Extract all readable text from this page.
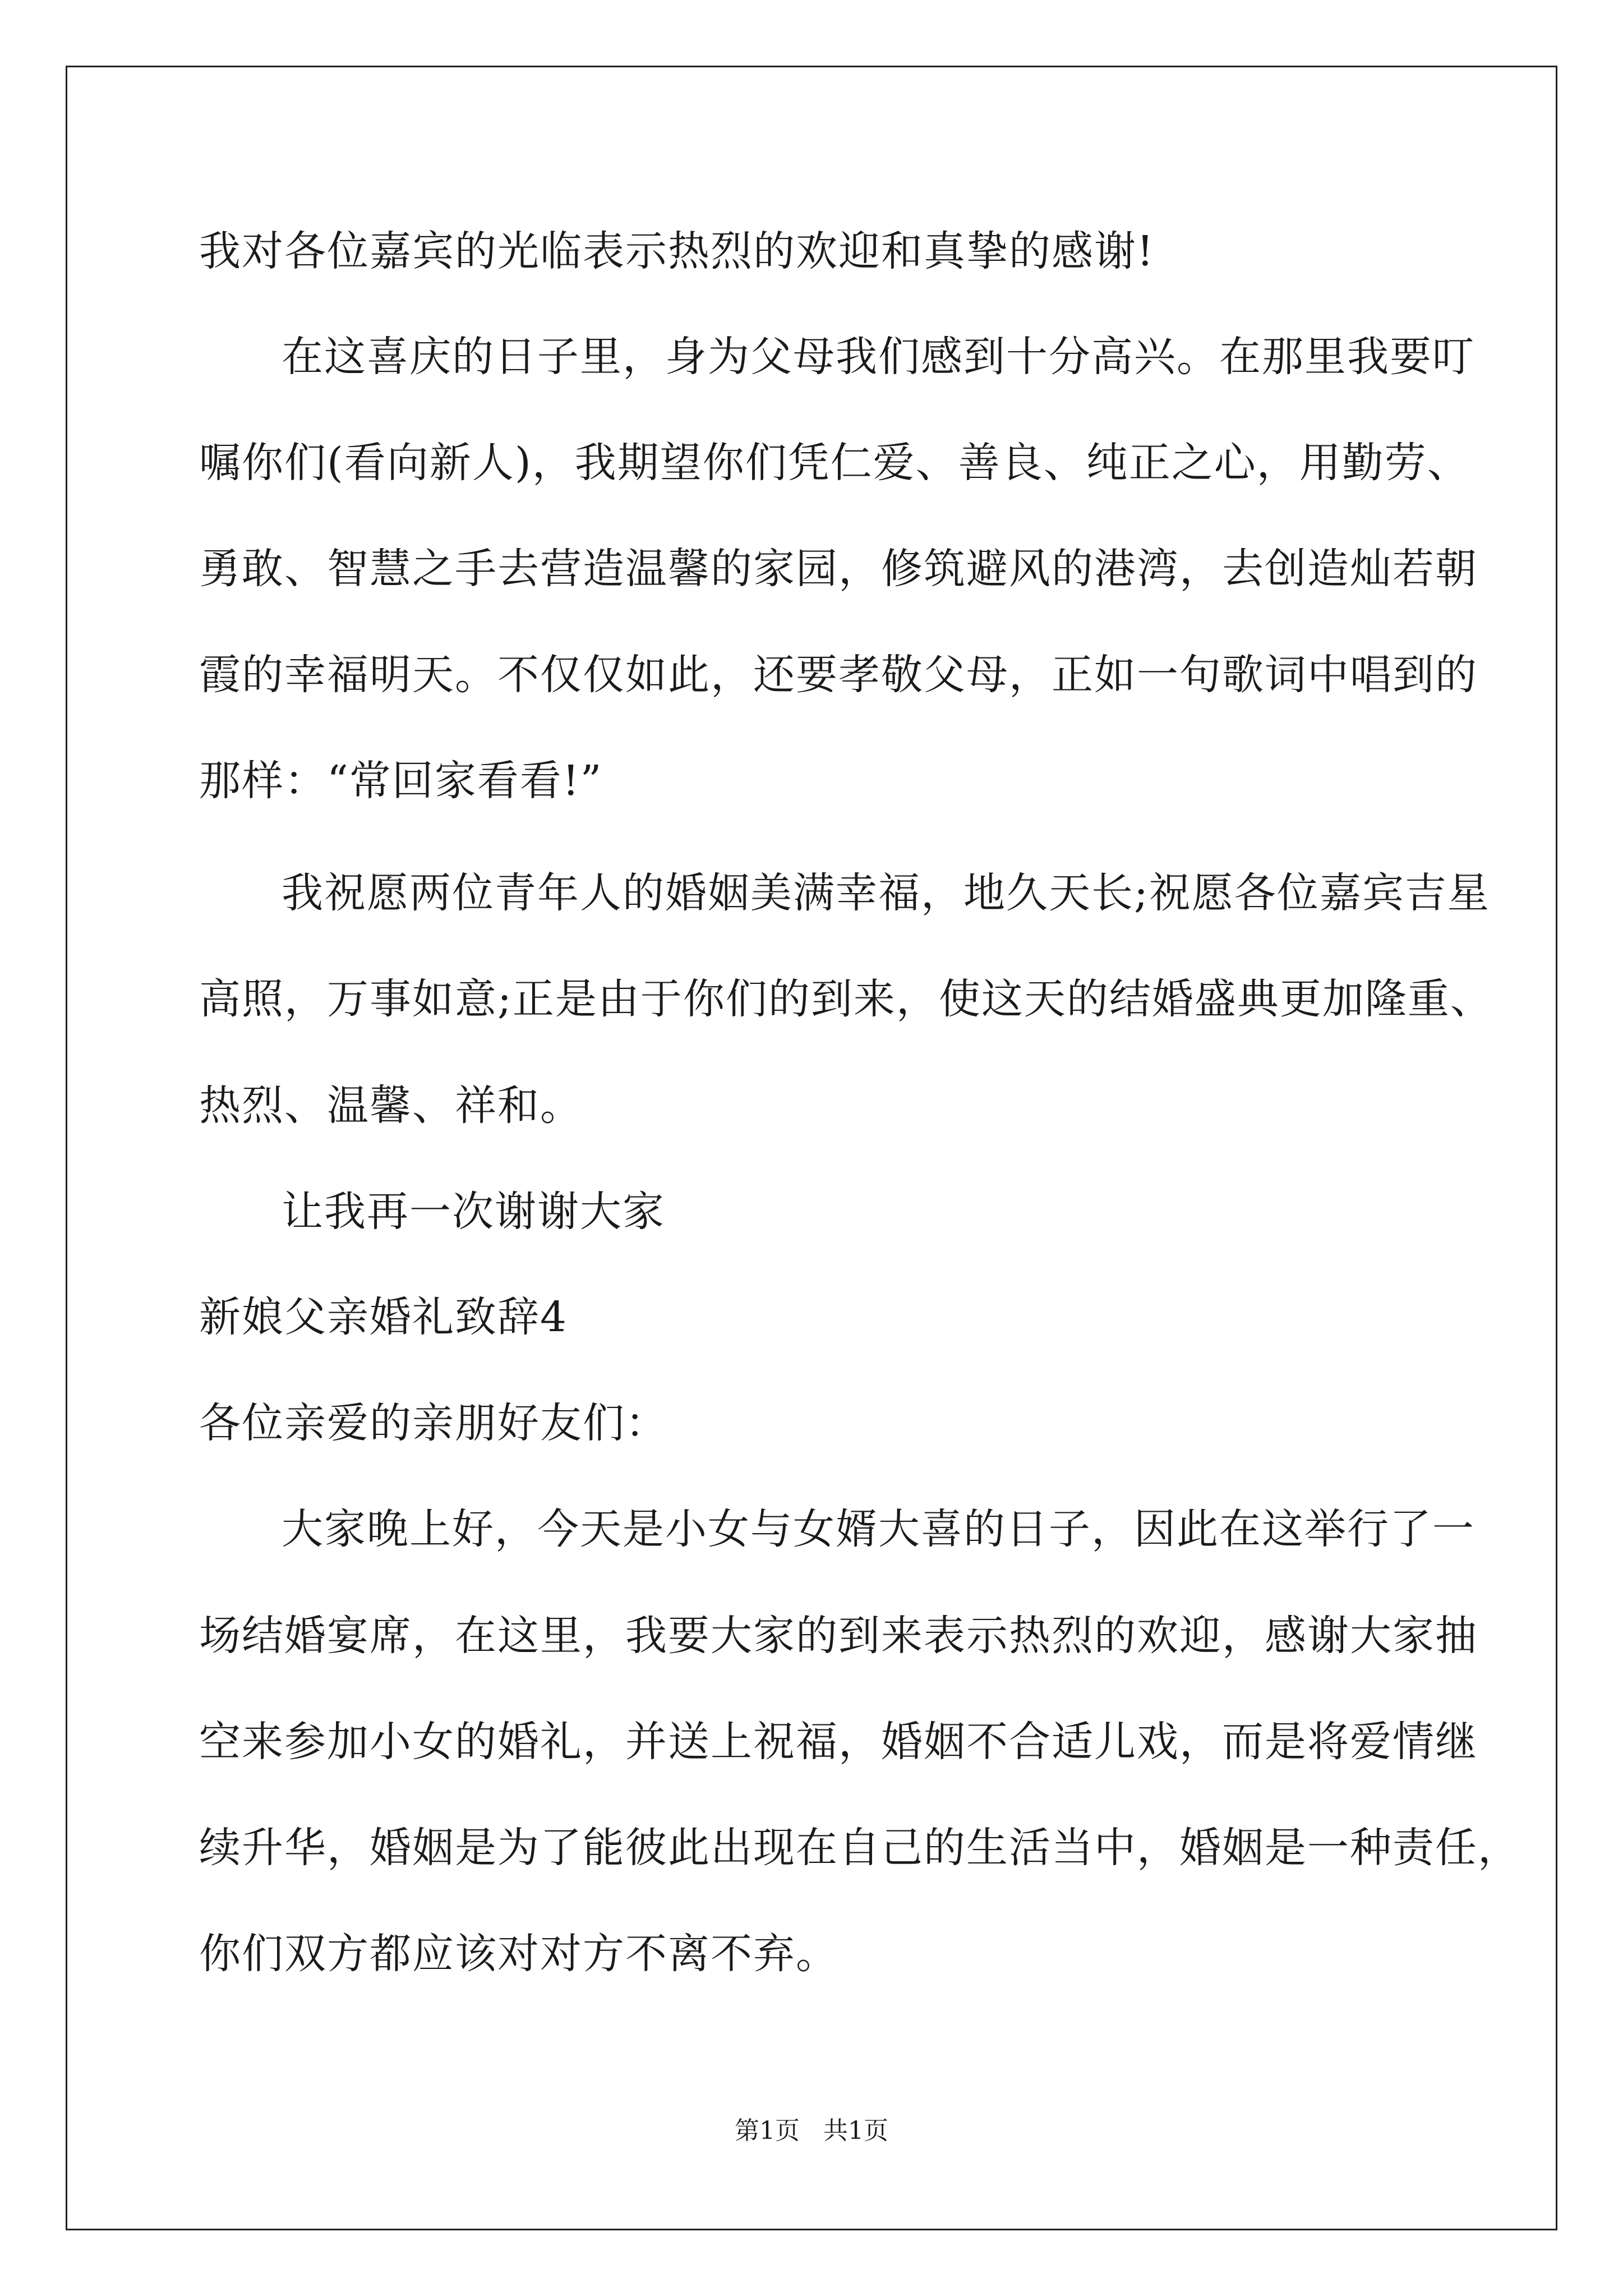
我对各位嘉宾的光临表示热烈的欢迎和真挚的感谢!
在这喜庆的日子里，身为父母我们感到十分高兴。在那里我要叮
嘱你们(看向新人)，我期望你们凭仁爱、善良、纯正之心，用勤劳、
勇敢、智慧之手去营造温馨的家园，修筑避风的港湾，去创造灿若朝
霞的幸福明天。不仅仅如此，还要孝敬父母，正如一句歌词中唱到的
那样：“常回家看看!”
我祝愿两位青年人的婚姻美满幸福，地久天长;祝愿各位嘉宾吉星
高照，万事如意;正是由于你们的到来，使这天的结婚盛典更加隆重、
热烈、温馨、祥和。
让我再一次谢谢大家
新娘父亲婚礼致辞4
各位亲爱的亲朋好友们：
大家晚上好，今天是小女与女婿大喜的日子，因此在这举行了一
场结婚宴席，在这里，我要大家的到来表示热烈的欢迎，感谢大家抽
空来参加小女的婚礼，并送上祝福，婚姻不合适儿戏，而是将爱情继
续升华，婚姻是为了能彼此出现在自己的生活当中，婚姻是一种责任，
你们双方都应该对对方不离不弃。
第1页   共1页
